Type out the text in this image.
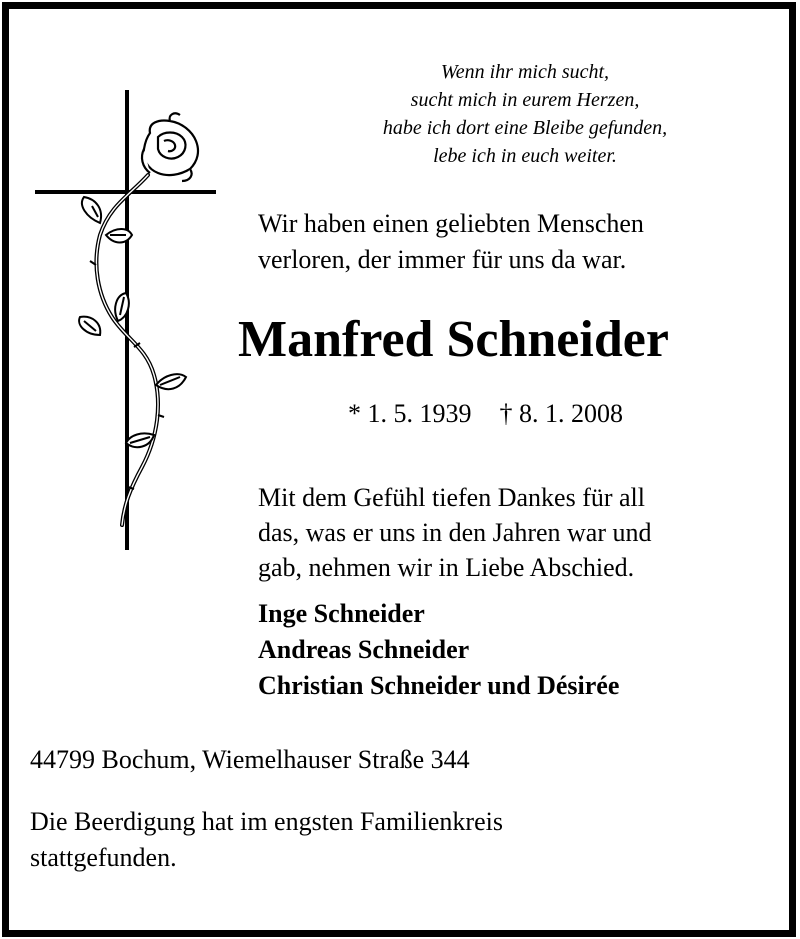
Wenn ihr mich sucht,
sucht mich in eurem Herzen,
habe ich dort eine Bleibe gefunden,
lebe ich in euch weiter.
Wir haben einen geliebten Menschen
verloren, der immer für uns da war.
Manfred Schneider
* 1. 5. 1939 † 8. 1. 2008
Mit dem Gefühl tiefen Dankes für all
das, was er uns in den Jahren war und
gab, nehmen wir in Liebe Abschied.
Inge Schneider
Andreas Schneider
Christian Schneider und Désirée
44799 Bochum, Wiemelhauser Straße 344
Die Beerdigung hat im engsten Familienkreis
stattgefunden.
